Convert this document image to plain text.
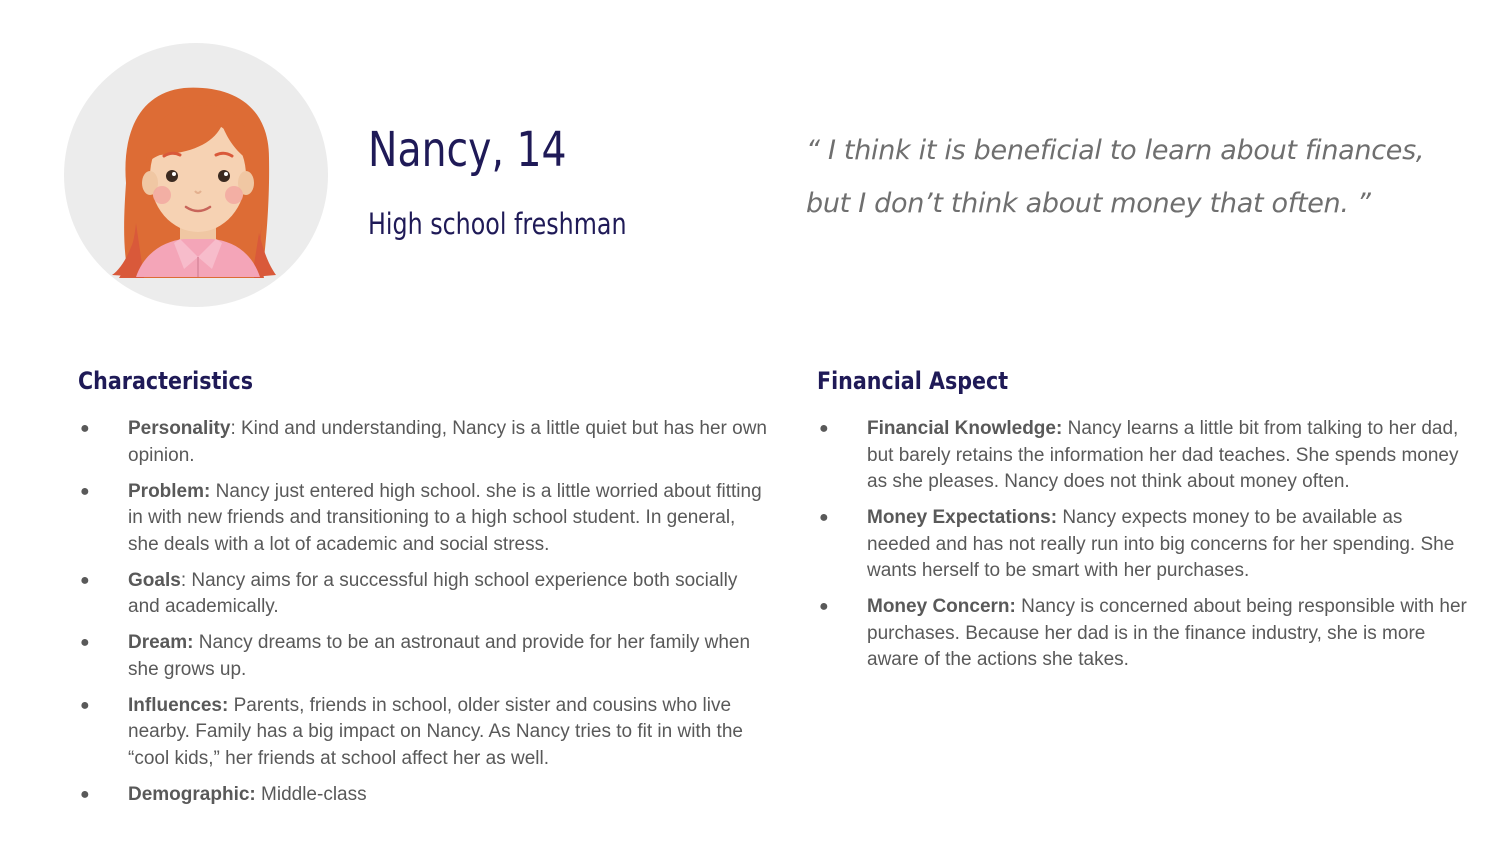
Nancy, 14
High school freshman
“ I think it is beneficial to learn about finances, but I don’t think about money that often. ”
Characteristics
● Personality: Kind and understanding, Nancy is a little quiet but has her own opinion.
● Problem: Nancy just entered high school. she is a little worried about fitting in with new friends and transitioning to a high school student. In general, she deals with a lot of academic and social stress.
● Goals: Nancy aims for a successful high school experience both socially and academically.
● Dream: Nancy dreams to be an astronaut and provide for her family when she grows up.
● Influences: Parents, friends in school, older sister and cousins who live nearby. Family has a big impact on Nancy. As Nancy tries to fit in with the “cool kids,” her friends at school affect her as well.
● Demographic: Middle-class
Financial Aspect
● Financial Knowledge: Nancy learns a little bit from talking to her dad, but barely retains the information her dad teaches. She spends money as she pleases. Nancy does not think about money often.
● Money Expectations: Nancy expects money to be available as needed and has not really run into big concerns for her spending. She wants herself to be smart with her purchases.
● Money Concern: Nancy is concerned about being responsible with her purchases. Because her dad is in the finance industry, she is more aware of the actions she takes.
